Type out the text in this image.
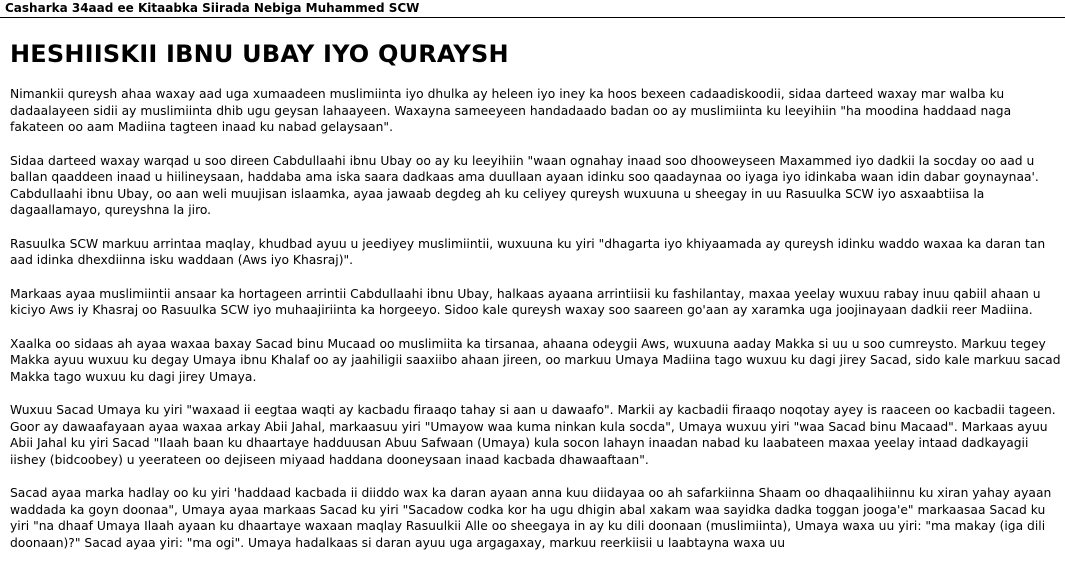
Casharka 34aad ee Kitaabka Siirada Nebiga Muhammed SCW
HESHIISKII IBNU UBAY IYO QURAYSH

Nimankii qureysh ahaa waxay aad uga xumaadeen muslimiinta iyo dhulka ay heleen iyo iney ka hoos bexeen cadaadiskoodii, sidaa darteed waxay mar walba ku dadaalayeen sidii ay muslimiinta dhib ugu geysan lahaayeen. Waxayna sameeyeen handadaado badan oo ay muslimiinta ku leeyihiin "ha moodina haddaad naga fakateen oo aam Madiina tagteen inaad ku nabad gelaysaan".

Sidaa darteed waxay warqad u soo direen Cabdullaahi ibnu Ubay oo ay ku leeyihiin "waan ognahay inaad soo dhooweyseen Maxammed iyo dadkii la socday oo aad u ballan qaaddeen inaad u hiilineysaan, haddaba ama iska saara dadkaas ama duullaan ayaan idinku soo qaadaynaa oo iyaga iyo idinkaba waan idin dabar goynaynaa'. Cabdullaahi ibnu Ubay, oo aan weli muujisan islaamka, ayaa jawaab degdeg ah ku celiyey qureysh wuxuuna u sheegay in uu Rasuulka SCW iyo asxaabtiisa la dagaallamayo, qureyshna la jiro.

Rasuulka SCW markuu arrintaa maqlay, khudbad ayuu u jeediyey muslimiintii, wuxuuna ku yiri "dhagarta iyo khiyaamada ay qureysh idinku waddo waxaa ka daran tan aad idinka dhexdiinna isku waddaan (Aws iyo Khasraj)".

Markaas ayaa muslimiintii ansaar ka hortageen arrintii Cabdullaahi ibnu Ubay, halkaas ayaana arrintiisii ku fashilantay, maxaa yeelay wuxuu rabay inuu qabiil ahaan u kiciyo Aws iy Khasraj oo Rasuulka SCW iyo muhaajiriinta ka horgeeyo. Sidoo kale qureysh waxay soo saareen go'aan ay xaramka uga joojinayaan dadkii reer Madiina.

Xaalka oo sidaas ah ayaa waxaa baxay Sacad binu Mucaad oo muslimiita ka tirsanaa, ahaana odeygii Aws, wuxuuna aaday Makka si uu u soo cumreysto. Markuu tegey Makka ayuu wuxuu ku degay Umaya ibnu Khalaf oo ay jaahiligii saaxiibo ahaan jireen, oo markuu Umaya Madiina tago wuxuu ku dagi jirey Sacad, sido kale markuu sacad Makka tago wuxuu ku dagi jirey Umaya.

Wuxuu Sacad Umaya ku yiri "waxaad ii eegtaa waqti ay kacbadu firaaqo tahay si aan u dawaafo". Markii ay kacbadii firaaqo noqotay ayey is raaceen oo kacbadii tageen. Goor ay dawaafayaan ayaa waxaa arkay Abii Jahal, markaasuu yiri "Umayow waa kuma ninkan kula socda", Umaya wuxuu yiri "waa Sacad binu Macaad". Markaas ayuu Abii Jahal ku yiri Sacad "Ilaah baan ku dhaartaye hadduusan Abuu Safwaan (Umaya) kula socon lahayn inaadan nabad ku laabateen maxaa yeelay intaad dadkayagii iishey (bidcoobey) u yeerateen oo dejiseen miyaad haddana dooneysaan inaad kacbada dhawaaftaan".

Sacad ayaa marka hadlay oo ku yiri 'haddaad kacbada ii diiddo wax ka daran ayaan anna kuu diidayaa oo ah safarkiinna Shaam oo dhaqaalihiinnu ku xiran yahay ayaan waddada ka goyn doonaa", Umaya ayaa markaas Sacad ku yiri "Sacadow codka kor ha ugu dhigin abal xakam waa sayidka dadka toggan jooga'e" markaasaa Sacad ku yiri "na dhaaf Umaya Ilaah ayaan ku dhaartaye waxaan maqlay Rasuulkii Alle oo sheegaya in ay ku dili doonaan (muslimiinta), Umaya waxa uu yiri: "ma makay (iga dili doonaan)?" Sacad ayaa yiri: "ma ogi". Umaya hadalkaas si daran ayuu uga argagaxay, markuu reerkiisii u laabtayna waxa uu
